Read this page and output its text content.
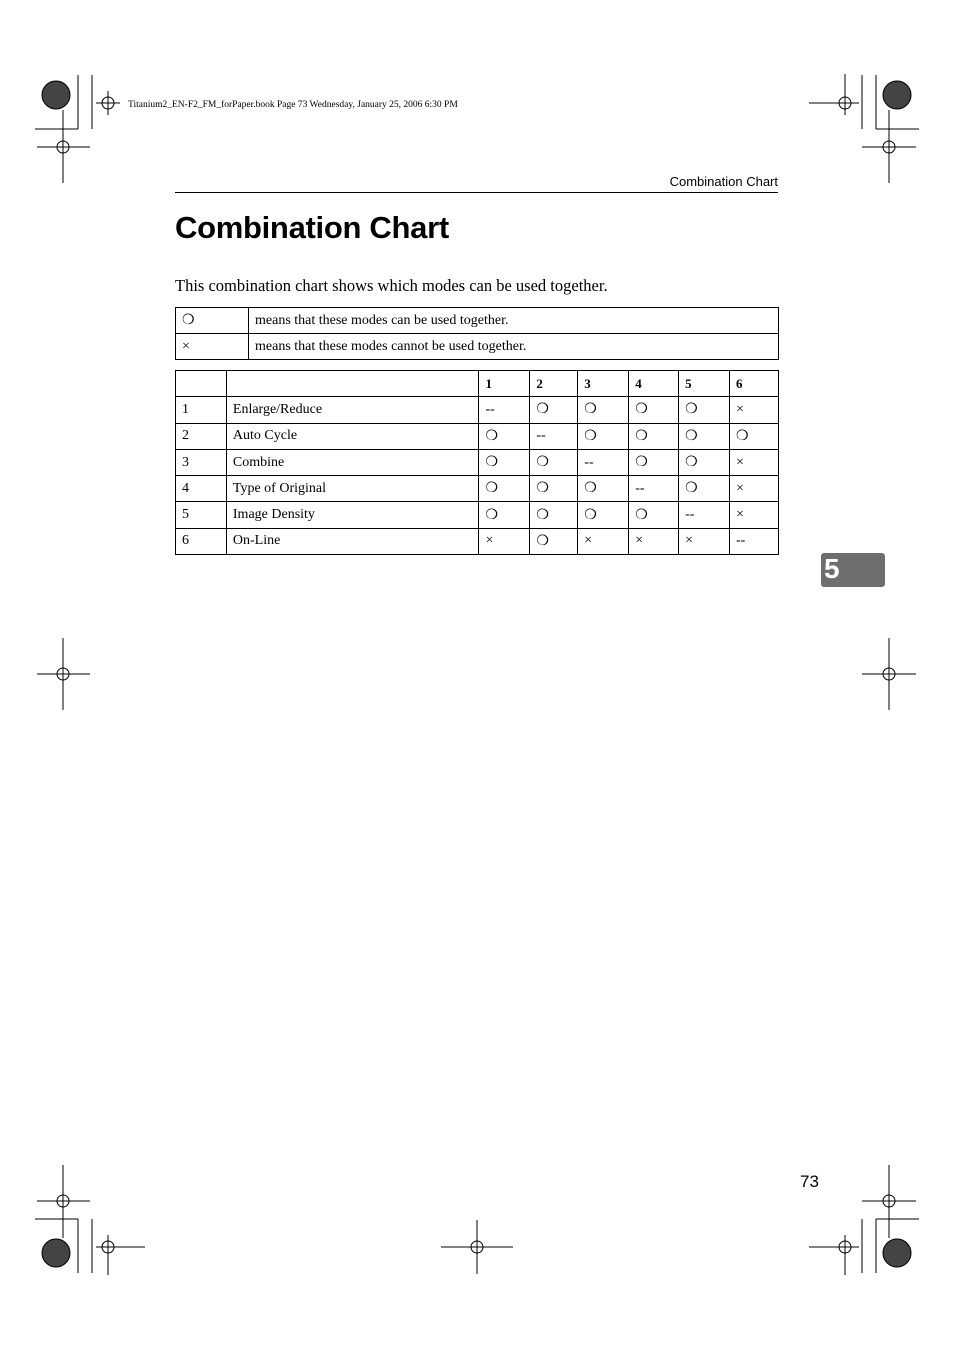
Titanium2_EN-F2_FM_forPaper.book Page 73 Wednesday, January 25, 2006 6:30 PM
Combination Chart
Combination Chart
This combination chart shows which modes can be used together.
❍	means that these modes can be used together.
×	means that these modes cannot be used together.
		1	2	3	4	5	6
1	Enlarge/Reduce	--	❍	❍	❍	❍	×
2	Auto Cycle	❍	--	❍	❍	❍	❍
3	Combine	❍	❍	--	❍	❍	×
4	Type of Original	❍	❍	❍	--	❍	×
5	Image Density	❍	❍	❍	❍	--	×
6	On-Line	×	❍	×	×	×	--
5
73
